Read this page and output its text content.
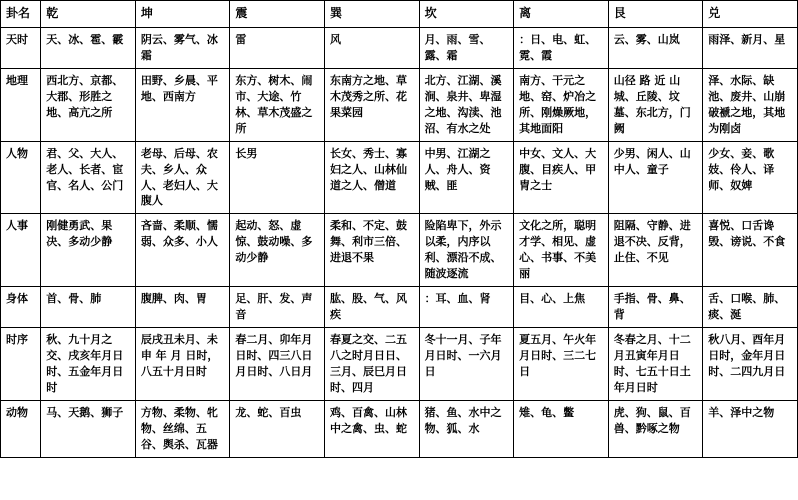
卦名	乾	坤	震	巽	坎	离	艮	兑
天时	天、冰、雹、霰	阴云、雾气、冰霜	雷	风	月、雨、雪、露、霜	：日、电、虹、霓、霞	云、雾、山岚	雨泽、新月、星
地理	西北方、京都、大郡、形胜之地、高亢之所	田野、乡晨、平地、西南方	东方、树木、闹市、大途、竹林、草木茂盛之所	东南方之地、草木茂秀之所、花果菜园	北方、江湖、溪涧、泉井、卑湿之地、沟渎、池沼、有水之处	南方、干元之地、窑、炉冶之所、刚燥厥地，其地面阳	山径 路 近 山城、丘陵、坟墓、东北方，门阙	泽、水际、缺池、废井、山崩破褫之地，其地为刚卤
人物	君、父、大人、老人、长者、宦官、名人、公门	老母、后母、农夫、乡人、众人、老妇人、大腹人	长男	长女、秀士、寡妇之人、山林仙道之人、僧道	中男、江湖之人、舟人、资贼、匪	中女、文人、大腹、目疾人、甲胄之士	少男、闲人、山中人、童子	少女、妾、歌妓、伶人、译师、奴婢
人事	刚健勇武、果决、多动少静	吝啬、柔顺、懦弱、众多、小人	起动、怒、虚惊、鼓动噪、多动少静	柔和、不定、鼓舞、利市三倍、进退不果	险陷卑下，外示以柔，内序以利、漂沿不成、随波逐流	文化之所，聪明才学、相见、虚心、书事、不美丽	阻隔、守静、进退不决、反背，止住、不见	喜悦、口舌谗毁、谤说、不食
身体	首、骨、肺	腹脾、肉、胃	足、肝、发、声音	肱、股、气、风疾	：耳、血、肾	目、心、上焦	手指、骨、鼻、背	舌、口喉、肺、痰、涎
时序	秋、九十月之交、戌亥年月日时、五金年月日时	辰戌丑未月、未 申 年 月 日时，八五十月日时	春二月、卯年月日时、四三八日月日时、八日月	春夏之交、二五八之时月日日、三月、辰巳月日时、四月	冬十一月、子年月日时、一六月日	夏五月、午火年月日时、三二七日	冬春之月、十二月丑寅年月日时、七五十日土年月日时	秋八月、酉年月日时，金年月日时、二四九月日
动物	马、天鹅、狮子	方物、柔物、牝物、丝绵、五谷、舆杀、瓦器	龙、蛇、百虫	鸡、百禽、山林中之禽、虫、蛇	猪、鱼、水中之物、狐、水	雉、龟、鳖	虎、狗、鼠、百兽、黔啄之物	羊、泽中之物
